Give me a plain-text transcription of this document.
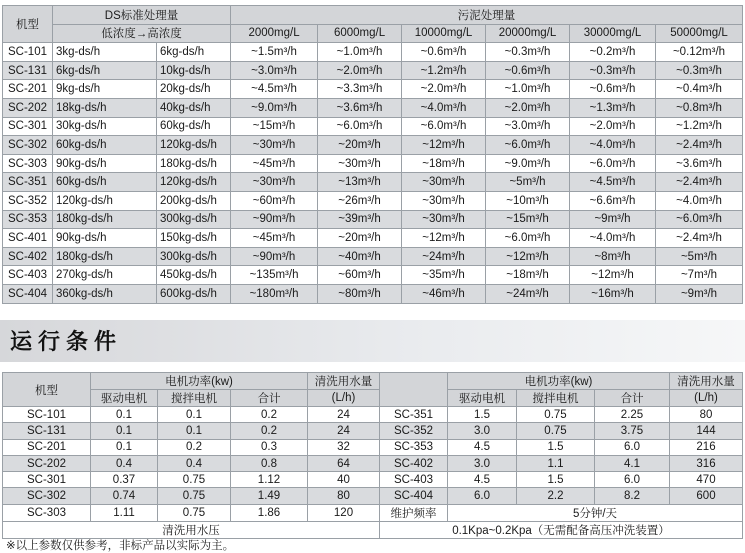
机型	DS标准处理量		污泥处理量					
	低浓度→高浓度		2000mg/L	6000mg/L	10000mg/L	20000mg/L	30000mg/L	50000mg/L
SC-101	3kg-ds/h	6kg-ds/h	~1.5m³/h	~1.0m³/h	~0.6m³/h	~0.3m³/h	~0.2m³/h	~0.12m³/h
SC-131	6kg-ds/h	10kg-ds/h	~3.0m³/h	~2.0m³/h	~1.2m³/h	~0.6m³/h	~0.3m³/h	~0.3m³/h
SC-201	9kg-ds/h	20kg-ds/h	~4.5m³/h	~3.3m³/h	~2.0m³/h	~1.0m³/h	~0.6m³/h	~0.4m³/h
SC-202	18kg-ds/h	40kg-ds/h	~9.0m³/h	~3.6m³/h	~4.0m³/h	~2.0m³/h	~1.3m³/h	~0.8m³/h
SC-301	30kg-ds/h	60kg-ds/h	~15m³/h	~6.0m³/h	~6.0m³/h	~3.0m³/h	~2.0m³/h	~1.2m³/h
SC-302	60kg-ds/h	120kg-ds/h	~30m³/h	~20m³/h	~12m³/h	~6.0m³/h	~4.0m³/h	~2.4m³/h
SC-303	90kg-ds/h	180kg-ds/h	~45m³/h	~30m³/h	~18m³/h	~9.0m³/h	~6.0m³/h	~3.6m³/h
SC-351	60kg-ds/h	120kg-ds/h	~30m³/h	~13m³/h	~30m³/h	~5m³/h	~4.5m³/h	~2.4m³/h
SC-352	120kg-ds/h	200kg-ds/h	~60m³/h	~26m³/h	~30m³/h	~10m³/h	~6.6m³/h	~4.0m³/h
SC-353	180kg-ds/h	300kg-ds/h	~90m³/h	~39m³/h	~30m³/h	~15m³/h	~9m³/h	~6.0m³/h
SC-401	90kg-ds/h	150kg-ds/h	~45m³/h	~20m³/h	~12m³/h	~6.0m³/h	~4.0m³/h	~2.4m³/h
SC-402	180kg-ds/h	300kg-ds/h	~90m³/h	~40m³/h	~24m³/h	~12m³/h	~8m³/h	~5m³/h
SC-403	270kg-ds/h	450kg-ds/h	~135m³/h	~60m³/h	~35m³/h	~18m³/h	~12m³/h	~7m³/h
SC-404	360kg-ds/h	600kg-ds/h	~180m³/h	~80m³/h	~46m³/h	~24m³/h	~16m³/h	~9m³/h
运行条件
机型	电机功率(kw)			清洗用水量		电机功率(kw)			清洗用水量
	驱动电机	搅拌电机	合计	(L/h)		驱动电机	搅拌电机	合计	(L/h)
SC-101	0.1	0.1	0.2	24	SC-351	1.5	0.75	2.25	80
SC-131	0.1	0.1	0.2	24	SC-352	3.0	0.75	3.75	144
SC-201	0.1	0.2	0.3	32	SC-353	4.5	1.5	6.0	216
SC-202	0.4	0.4	0.8	64	SC-402	3.0	1.1	4.1	316
SC-301	0.37	0.75	1.12	40	SC-403	4.5	1.5	6.0	470
SC-302	0.74	0.75	1.49	80	SC-404	6.0	2.2	8.2	600
SC-303	1.11	0.75	1.86	120	维护频率	5分钟/天			
清洗用水压					0.1Kpa~0.2Kpa（无需配备高压冲洗装置）				
※以上参数仅供参考，非标产品以实际为主。
